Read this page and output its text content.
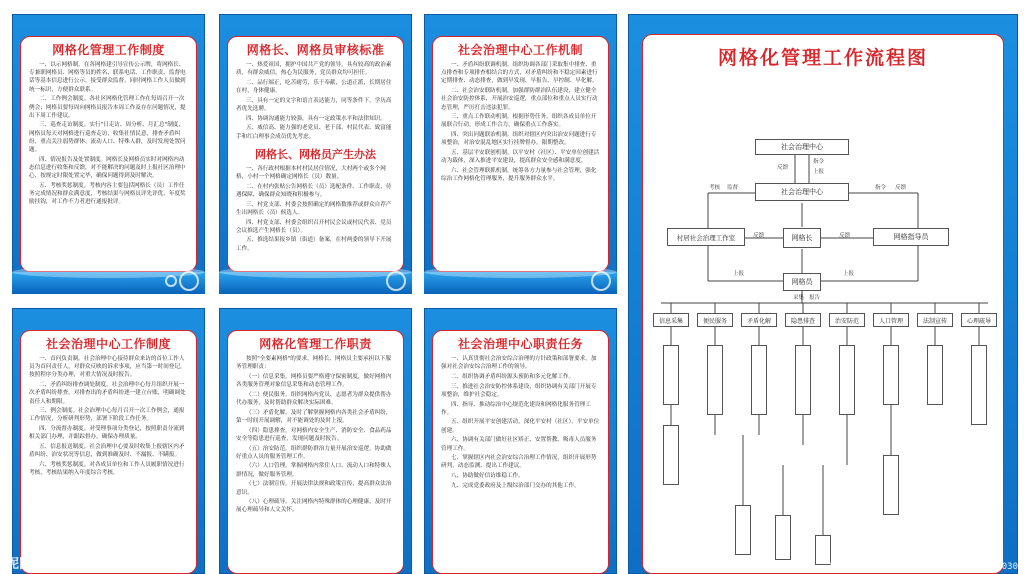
网格化管理工作制度

一、以示网格制。在各网格建引导宣传公示牌，将网格长、专兼职网格员、网格等员的姓名、联系电话、工作职责、监督电话等基本信息进行公示，接受群众监督。同时网格工作人员做到统一标识，方便群众联系。

二、工作例会制度。各社区网格化管理工作在每周召开一次例会；网格员要每周向网格员报告本周工作及存在问题情况，提出下周工作建议。

三、巡查走访制度。实行"日走访、周分析、月汇总"制度，网格员每天对网格进行巡查走访，收集社情民意，排查矛盾纠纷，重点关注弱势群体、流动人口、特殊人群，及时发现处置问题。

四、情况报告及处置制度。网格长及网格员实时对网格内动态信息进行收集和反馈，对不能解决的问题及时上报社区治理中心，按规定时限处置完毕，确保问题得到及时解决。

五、考核奖惩制度。考核内容主要包括网格长（员）工作任务完成情况和群众满意度，考核结果与网格员评先评优、年度奖励挂钩，对工作不力者进行通报批评。

网格长、网格员审核标准

一、热爱祖国，拥护中国共产党的领导，具有较高的政治素质，有群众威信，热心为民服务，党员群众均可担任。

二、品行端正，吃苦耐劳，乐于奉献，公道正派，长期居住在村，身体健康。

三、具有一定的文字和语言表达能力，同等条件下，学历高者优先选聘。

四、协调沟通能力较强，具有一定政策水平和法律知识。

五、威信高、能力强的老党员、老干部、村民代表、致富能手和红白理事会成员优先考虑。

网格长、网格员产生办法

一、各行政村根据本村村民居住情况，大村两个或多个网格，小村一个网格确定网格长（员）数量。

二、在村内张贴公告网格长（员）选配条件、工作职责、待遇保障，确保群众知晓和积极参与。

三、村党支部、村委会按照确定的网格数推荐或群众自荐产生出网格长（员）候选人。

四、村党支部、村委会组织召开村民会议或村民代表、党员会议推选产生网格长（员）。

五、推选结果报乡镇（街道）备案，在村两委的领导下开展工作。

社会治理中心工作机制

一、矛盾纠纷联调机制。组织协调各部门采取集中排查、重点排查和专项排查相结合的方式，对矛盾纠纷和不稳定因素进行定期排查、动态排查，做到早发现、早报告、早控制、早化解。

二、社会治安联防机制。加强群防群治队伍建设，建立健全社会治安防控体系，开展治安巡逻，重点部位和重点人员实行动态管理，严厉打击违法犯罪。

三、重点工作联动机制。根据形势任务，组织各成员单位开展联合行动，形成工作合力，确保重点工作落实。

四、突出问题联治机制。组织对辖区内突出治安问题进行专项整治，对治安混乱地区实行挂牌督办，限期整改。

五、基层平安联创机制。以平安村（社区）、平安单位创建活动为载体，深入推进平安建设，提高群众安全感和满意度。

六、社会管理联抓机制。统筹各方力量参与社会管理，强化综治工作网格化管理服务，提升服务群众水平。

社会治理中心工作制度

一、首问负责制。社会治理中心接待群众来访的首位工作人员为首问责任人，对群众反映的诉求事项，应当第一时间登记，按照程序分类办理，对重大情况及时报告。

二、矛盾纠纷排查调处制度。社会治理中心每月组织开展一次矛盾纠纷排查，对排查出的矛盾纠纷逐一建立台账，明确调处责任人和期限。

三、例会制度。社会治理中心每月召开一次工作例会，通报工作情况，分析研判形势，部署下阶段工作任务。

四、分流督办制度。对受理事项分类登记，按照职责分流到相关部门办理，并跟踪督办，确保办理质量。

五、信息报送制度。社会治理中心要及时收集上报辖区内矛盾纠纷、治安状况等信息，做到准确及时、不漏报、不瞒报。

六、考核奖惩制度。对各成员单位和工作人员履职情况进行考核，考核结果纳入年度综合考核。

网格化管理工作职责

按照"全要素网格"的要求，网格长、网格员主要承担以下服务管理职责：

（一）信息采集。网格员要严格遵守保密制度，做好网格内各类服务管理对象信息采集和动态管理工作。

（二）便民服务。组织网格内党员、志愿者为群众提供帮办代办服务，及时帮助群众解决实际困难。

（三）矛盾化解。及时了解掌握网格内各类社会矛盾纠纷，第一时间开展调解，对不能调处的及时上报。

（四）隐患排查。对网格内安全生产、消防安全、食品药品安全等隐患进行巡查，发现问题及时报告。

（五）治安防范。组织群防群治力量开展治安巡逻，协助做好重点人员的服务管理工作。

（六）人口管理。掌握网格内常住人口、流动人口和特殊人群情况，做好服务管理。

（七）法制宣传。开展法律法规和政策宣传，提高群众法治意识。

（八）心理疏导。关注网格内特殊群体的心理健康，及时开展心理疏导和人文关怀。

社会治理中心职责任务

一、认真贯彻社会治安综合治理的方针政策和部署要求，加强对社会治安综合治理工作的领导。

二、组织协调矛盾纠纷源头预防和多元化解工作。

三、推进社会治安防控体系建设，组织协调有关部门开展专项整治，维护社会稳定。

四、指导、推动综治中心规范化建设和网格化服务管理工作。

五、组织开展平安创建活动，深化平安村（社区）、平安单位创建。

六、协调有关部门做好社区矫正、安置帮教、吸毒人员服务管理工作。

七、掌握辖区内社会治安综合治理工作情况，组织开展形势研判，动态监测、提出工作建议。

八、协助做好信访维稳工作。

九、完成党委政府及上级综治部门交办的其他工作。

网格化管理工作流程图
社会治理中心
社会治理中心
村居社会治理工作室	网格长	网格指导员
网格员
指令
上报
反馈
考核 监督	指令 反馈
反馈	反馈
上报	上报
采集 报告
信息采集	便民服务	矛盾化解	隐患排查	治安防范	人口管理	法制宣传	心理疏导
昵图网	ID:27444576 NO:20200812152728997030
